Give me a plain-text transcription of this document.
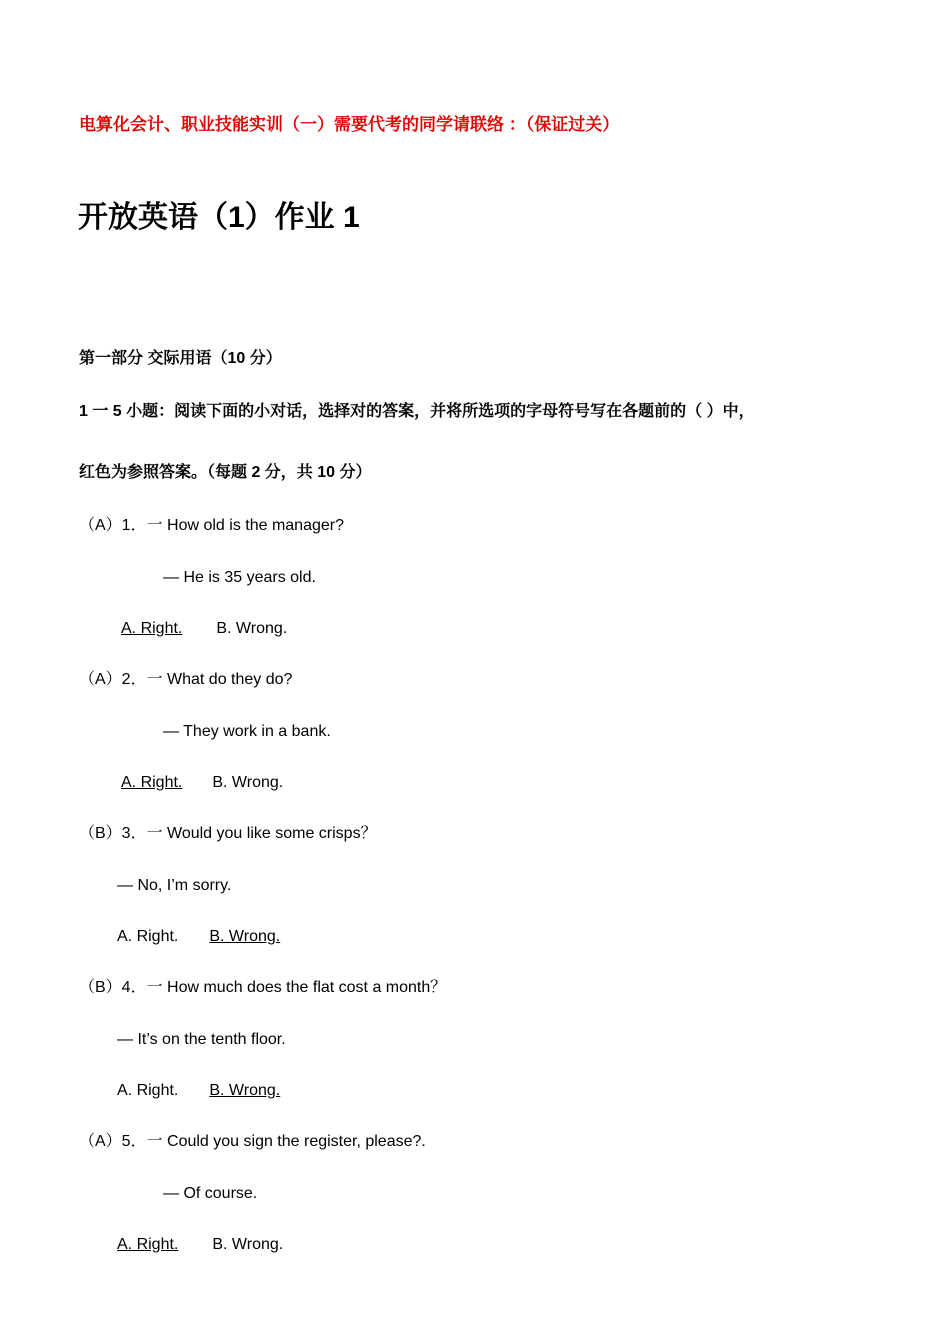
电算化会计、职业技能实训（一）需要代考的同学请联络 ：（保证过关）
开放英语（1）作业 1
第一部分 交际用语（10 分）
1 一 5 小题：阅读下面的小对话，选择对的答案，并将所选项的字母符号写在各题前的（ ）中，
红色为参照答案。（每题 2 分，共 10 分）
（A）1．一 How old is the manager?
— He is 35 years old.
A. Right. B. Wrong.
（A）2．一 What do they do?
— They work in a bank.
A. Right. B. Wrong.
（B）3．一 Would you like some crisps？
— No, I’m sorry.
A. Right. B. Wrong.
（B）4．一 How much does the flat cost a month？
— It’s on the tenth floor.
A. Right. B. Wrong.
（A）5．一 Could you sign the register, please?.
— Of course.
A. Right. B. Wrong.
